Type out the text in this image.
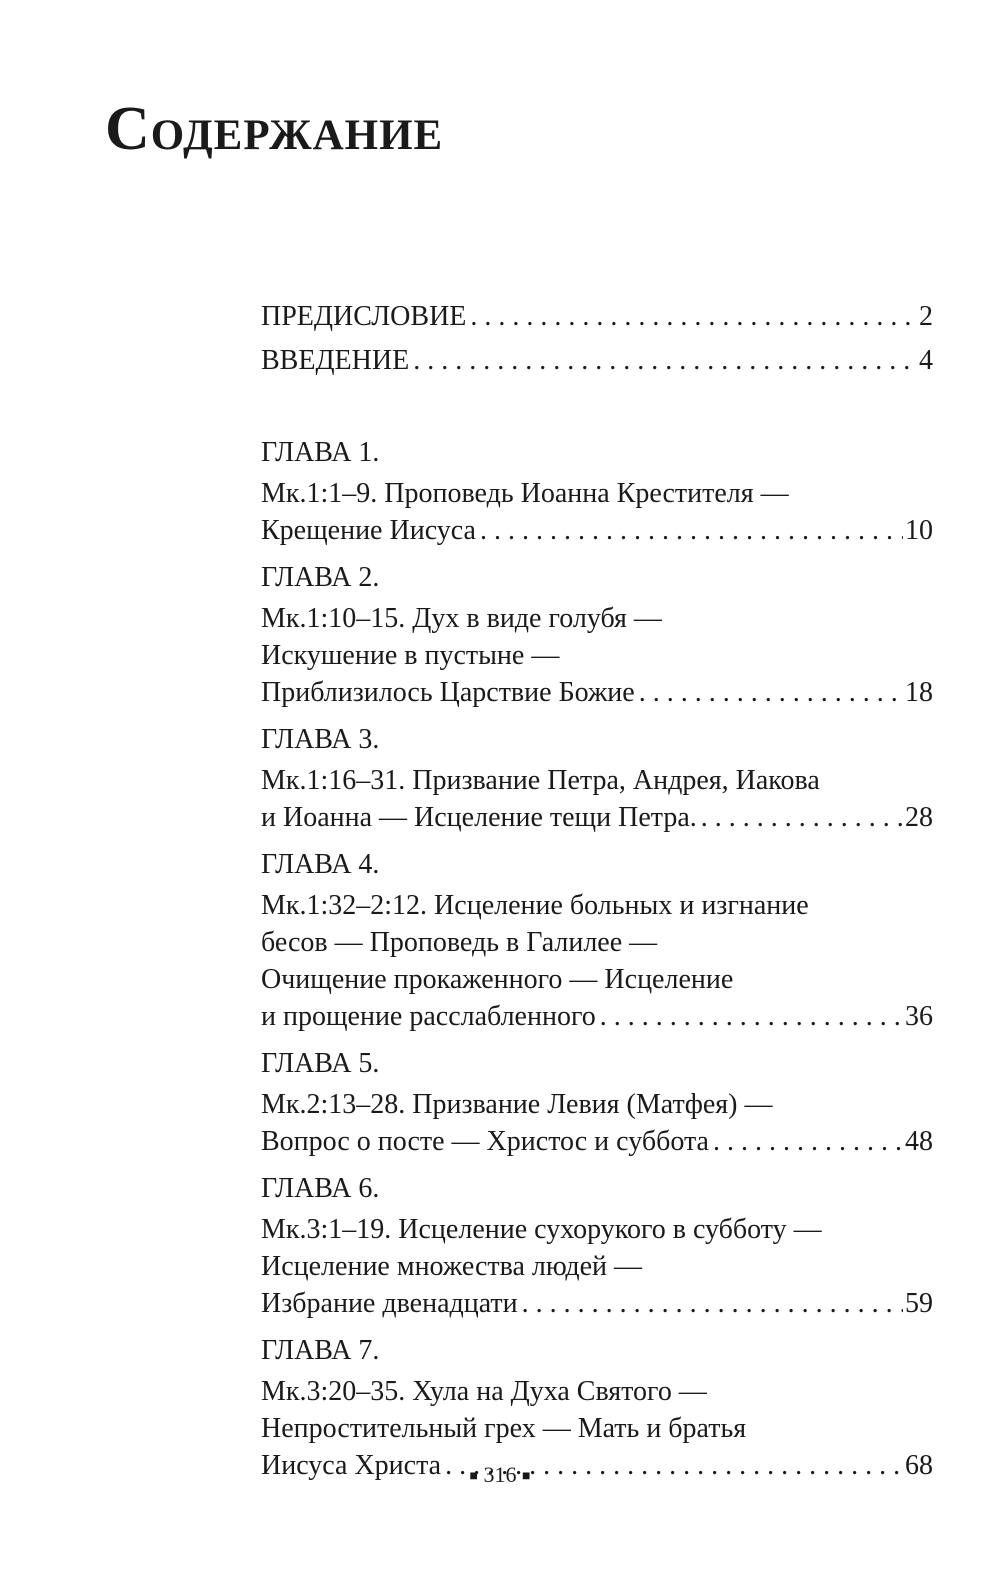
Содержание
ПРЕДИСЛОВИЕ . . .	2
ВВЕДЕНИЕ . . .	4
ГЛАВА 1.
Мк.1:1–9. Проповедь Иоанна Крестителя —
Крещение Иисуса . . .	10
ГЛАВА 2.
Мк.1:10–15. Дух в виде голубя —
Искушение в пустыне —
Приблизилось Царствие Божие . . .	18
ГЛАВА 3.
Мк.1:16–31. Призвание Петра, Андрея, Иакова
и Иоанна — Исцеление тещи Петра. . . .	28
ГЛАВА 4.
Мк.1:32–2:12. Исцеление больных и изгнание
бесов — Проповедь в Галилее —
Очищение прокаженного — Исцеление
и прощение расслабленного . . .	36
ГЛАВА 5.
Мк.2:13–28. Призвание Левия (Матфея) —
Вопрос о посте — Христос и суббота . . .	48
ГЛАВА 6.
Мк.3:1–19. Исцеление сухорукого в субботу —
Исцеление множества людей —
Избрание двенадцати . . .	59
ГЛАВА 7.
Мк.3:20–35. Хула на Духа Святого —
Непростительный грех — Мать и братья
Иисуса Христа . . .	68
■ 316 ■
